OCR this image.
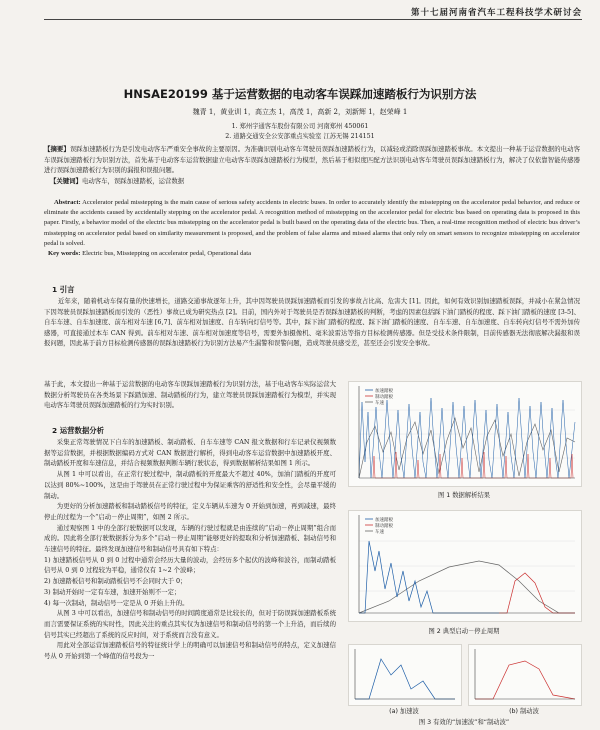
第十七届河南省汽车工程科技学术研讨会
HNSAE20199 基于运营数据的电动客车误踩加速踏板行为识别方法
魏青 1，黄业训 1，高立杰 1，高茂 1，高新 2，刘新辉 1，赵荣峰 1
1. 郑州宇通客车股份有限公司 河南郑州 450061
2. 道路交通安全公安部重点实验室 江苏无锡 214151
【摘要】误踩加速踏板行为是引发电动客车严重安全事故的主要原因。为准确识别电动客车驾驶员误踩加速踏板行为，以减轻或消除误踩加速踏板事故。本文提出一种基于运营数据的电动客车误踩加速踏板行为识别方法，首先基于电动客车运营数据建立电动客车误踩加速踏板行为模型，然后基于相似度匹配方法识别电动客车驾驶员误踩加速踏板行为，解决了仅依靠智能传感器进行误踩加速踏板行为识别的漏报和误报问题。
【关键词】电动客车，误踩加速踏板，运营数据
Abstract: Accelerator pedal misstepping is the main cause of serious safety accidents in electric buses. In order to accurately identify the misstepping on the accelerator pedal behavior, and reduce or eliminate the accidents caused by accidentally stepping on the accelerator pedal. A recognition method of misstepping on the accelerator pedal for electric bus based on operating data is proposed in this paper. Firstly, a behavior model of the electric bus misstepping on the accelerator pedal is built based on the operating data of the electric bus. Then, a real-time recognition method of electric bus driver’s misstepping on accelerator pedal based on similarity measurement is proposed, and the problem of false alarms and missed alarms that only rely on smart sensors to recognize misstepping on accelerator pedal is solved.
Key words: Electric bus, Misstepping on accelerator pedal, Operational data
1 引言
近年来，随着机动车保有量的快速增长，道路交通事故逐年上升，其中因驾驶员误踩加速踏板而引发的事故占比高、危害大 [1]。因此，如何有效识别加速踏板误踩，并减小在紧急情况下因驾驶员误踩加速踏板而引发的（恶性）事故已成为研究热点 [2]。目前，国内外对于驾驶员是否误踩加速踏板的判断，考虑的因素包括踩下油门踏板的程度、踩下油门踏板的速度 [3-5]、自车车速、自车加速度、前车相对车速 [6,7]、前车相对加速度、自车转向灯信号等。其中，踩下油门踏板的程度、踩下油门踏板的速度、自车车速、自车加速度、自车转向灯信号不需外加传感器，可直接通过本车 CAN 得到。前车相对车速、前车相对加速度等信号，需要外加摄像机、毫米波雷达等指方目标检测传感器。但是受技术条件限制，目前传感器无法彻底解决漏报和误报问题，因此基于前方目标检测传感器的误踩加速踏板行为识别方法易产生漏警和误警问题，造成驾驶员感受差，甚至还会引发安全事故。

基于此，本文提出一种基于运营数据的电动客车误踩加速踏板行为识别方法，基于电动客车实际运营大数据分析驾驶员在各类场景下踩踏加速、制动踏板的行为，建立驾驶员误踩加速踏板行为模型，并实现电动客车驾驶员误踩加速踏板的行为实时识别。

2 运营数据分析

采集正常驾驶情况下自车的加速踏板、制动踏板、自车车速等 CAN 报文数据和行车记录仪视频数据等运营数据，并根据数据编码方式对 CAN 数据进行解析，得到电动客车运营数据中加速踏板开度、制动踏板开度和车速信息，并结合视频数据判断车辆行驶状态，得到数据解析结果如图 1 所示。

从图 1 中可以看出，在正常行驶过程中，制动踏板的开度最大不超过 40%，加油门踏板的开度可以达到 80%~100%，这是由于驾驶员在正常行驶过程中为保证乘客的舒适性和安全性，会尽量平缓的制动。

为更好的分析加速踏板和制动踏板信号的特征，定义车辆从车速为 0 开始到加速，再到减速，最终停止的过程为一个“启动－停止周期”，如图 2 所示。

通过观察图 1 中的全部行驶数据可以发现，车辆的行驶过程就是由连续的“启动－停止周期”组合而成的。因此将全部行驶数据拆分为多个“启动－停止周期”能够更好的提取和分析加速踏板、制动信号和车速信号的特征。最终发现加速信号和制动信号具有如下特点：

1) 加速踏板信号从 0 到 0 过程中通常会经历大量的波动，会经历多个起伏的波峰和波谷，而制动踏板信号从 0 到 0 过程较为平稳，通常仅有 1~2 个波峰；

2) 加速踏板信号和制动踏板信号不会同时大于 0；

3) 制动开始时一定有车速，加速开始则不一定；

4) 每一次制动，制动信号一定是从 0 开始上升的。

从图 3 中可以看出，加速信号和制动信号的时间跨度通常是比较长的，但对于防误踩加速踏板系统而言需要保证系统的实时性，因此关注的重点其实仅为加速信号和制动信号的第一个上升沿，而后续的信号其实已经超出了系统的反应时间，对于系统而言没有意义。

用此对全部运营加速踏板信号的特征统计学上的明确可以加速信号和制动信号的特点，定义加速信号从 0 开始到第一个峰值的信号段为一

加速踏板
制动踏板
车速
图 1 数据解析结果
加速踏板
制动踏板
车速
图 2 典型启动－停止周期
(a) 加速波	(b) 制动波
图 3 有效的“加速波”和“制动波”
